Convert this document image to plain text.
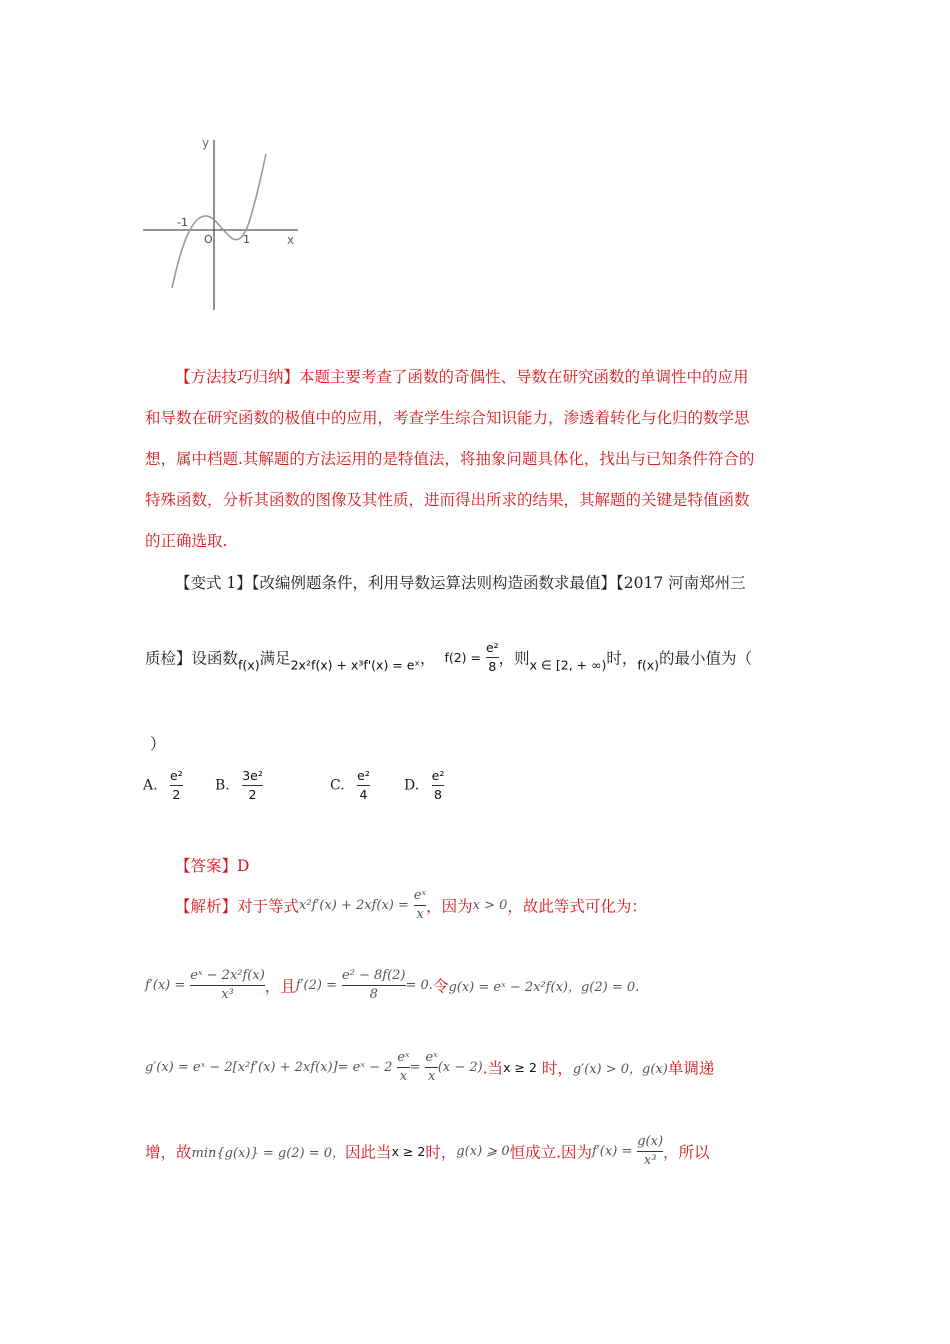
y
x
-1
O	1
【方法技巧归纳】本题主要考查了函数的奇偶性、导数在研究函数的单调性中的应用
和导数在研究函数的极值中的应用，考查学生综合知识能力，渗透着转化与化归的数学思
想，属中档题.其解题的方法运用的是特值法，将抽象问题具体化，找出与已知条件符合的
特殊函数，分析其函数的图像及其性质，进而得出所求的结果，其解题的关键是特值函数
的正确选取.
【变式 1】【改编例题条件，利用导数运算法则构造函数求最值】【2017 河南郑州三
质检】设函数$_{f(x)}$满足$_{2x^2f(x) + x^3f'(x) = eˣ}$， $f(2) = \frac{\text{e²}}{8}$ ，则$_{x \in [2, + \infty)}$时，$_{f(x)}$的最小值为（
）
A. $\frac{\text{e²}}{2} B$. $\frac{\text{3e²}}{2}$	C. $\frac{\text{e²}}{4} D$. $\frac{\text{e²}}{8}$
【答案】D
【解析】对于等式$x^2f'(x) + 2xf(x) = \frac{\text{eˣ}}{x}$ ，因为x > 0，故此等式可化为：
$f'(x) = \frac{\text{eˣ − 2x²f(x)}}{\text{x³}}$ ，且$f'(2) = \frac{\text{e² − 8f(2)}}{8} = 0$.令g(x) = eˣ − 2x²f(x)，g(2) = 0.
g′(x) = eˣ − 2[x²f′(x) + 2xf(x)]= eˣ − $2 \frac{\text{eˣ}}{x} = \frac{\text{eˣ}}{x} (x - 2)$.当x ≥ 2 时，g′(x) > 0，g(x)单调递
增，故min{g(x)} = g(2) = 0，因此当x ≥ 2时，g(x) ⩾ 0恒成立.因为$f'(x) = \frac{g(x)}{\text{x³}}$ ，所以
